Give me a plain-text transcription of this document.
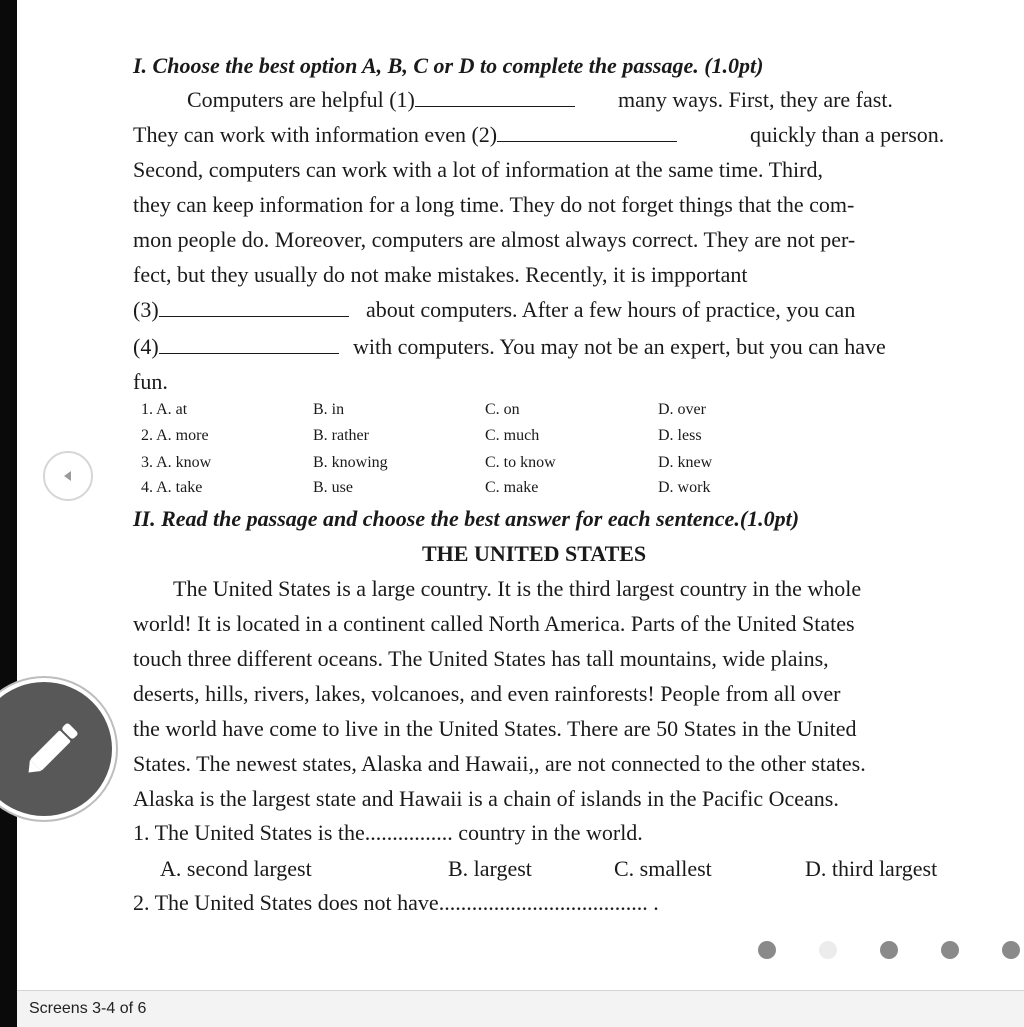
I. Choose the best option A, B, C or D to complete the passage. (1.0pt)
Computers are helpful (1)	many ways. First, they are fast.
They can work with information even (2)	quickly than a person.
Second, computers can work with a lot of information at the same time. Third,
they can keep information for a long time. They do not forget things that the com-
mon people do. Moreover, computers are almost always correct. They are not per-
fect, but they usually do not make mistakes. Recently, it is impportant
(3)	about computers. After a few hours of practice, you can
(4)	with computers. You may not be an expert, but you can have
fun.
1. A. at	B. in	C. on	D. over
2. A. more	B. rather	C. much	D. less
3. A. know	B. knowing	C. to know	D. knew
4. A. take	B. use	C. make	D. work
II. Read the passage and choose the best answer for each sentence.(1.0pt)
THE UNITED STATES
The United States is a large country. It is the third largest country in the whole
world! It is located in a continent called North America. Parts of the United States
touch three different oceans. The United States has tall mountains, wide plains,
deserts, hills, rivers, lakes, volcanoes, and even rainforests! People from all over
the world have come to live in the United States. There are 50 States in the United
States. The newest states, Alaska and Hawaii,, are not connected to the other states.
Alaska is the largest state and Hawaii is a chain of islands in the Pacific Oceans.
1. The United States is the................ country in the world.
A. second largest	B. largest	C. smallest	D. third largest
2. The United States does not have...................................... .
Screens 3-4 of 6
